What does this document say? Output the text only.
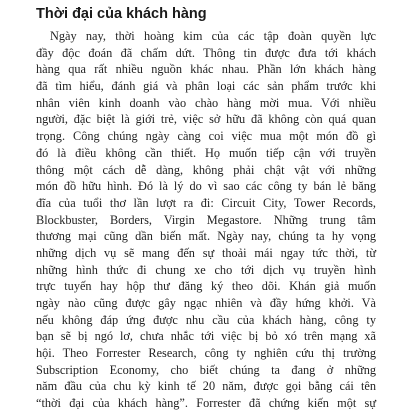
Thời đại của khách hàng
Ngày nay, thời hoàng kim của các tập đoàn quyền lực
đầy độc đoán đã chấm dứt. Thông tin được đưa tới khách
hàng qua rất nhiều nguồn khác nhau. Phần lớn khách hàng
đã tìm hiểu, đánh giá và phân loại các sản phẩm trước khi
nhân viên kinh doanh vào chào hàng mời mua. Với nhiều
người, đặc biệt là giới trẻ, việc sở hữu đã không còn quá quan
trọng. Công chúng ngày càng coi việc mua một món đồ gì
đó là điều không cần thiết. Họ muốn tiếp cận với truyền
thông một cách dễ dàng, không phải chật vật với những
món đồ hữu hình. Đó là lý do vì sao các công ty bán lẻ băng
đĩa của tuổi thơ lần lượt ra đi: Circuit City, Tower Records,
Blockbuster, Borders, Virgin Megastore. Những trung tâm
thương mại cũng dần biến mất. Ngày nay, chúng ta hy vọng
những dịch vụ sẽ mang đến sự thoải mái ngay tức thời, từ
những hình thức đi chung xe cho tới dịch vụ truyền hình
trực tuyến hay hộp thư đăng ký theo dõi. Khán giả muốn
ngày nào cũng được gây ngạc nhiên và đầy hứng khởi. Và
nếu không đáp ứng được nhu cầu của khách hàng, công ty
bạn sẽ bị ngó lơ, chưa nhắc tới việc bị bỏ xó trên mạng xã
hội. Theo Forrester Research, công ty nghiên cứu thị trường
Subscription Economy, cho biết chúng ta đang ở những
năm đầu của chu kỳ kinh tế 20 năm, được gọi bằng cái tên
“thời đại của khách hàng”. Forrester đã chứng kiến một sự
